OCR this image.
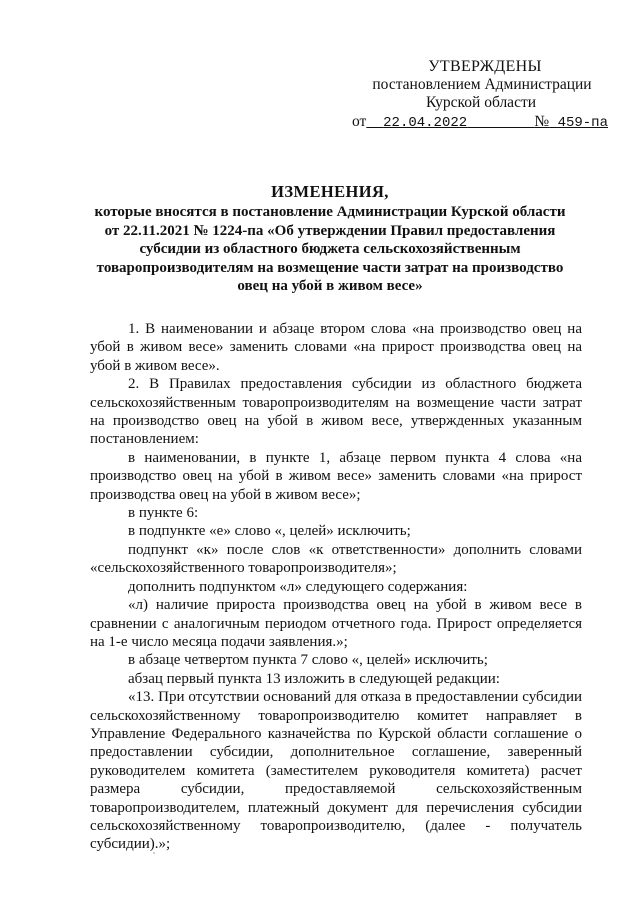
УТВЕРЖДЕНЫ
постановлением Администрации
Курской области
от 22.04.2022	№ 459-па
ИЗМЕНЕНИЯ,
которые вносятся в постановление Администрации Курской области
от 22.11.2021 № 1224-па «Об утверждении Правил предоставления
субсидии из областного бюджета сельскохозяйственным
товаропроизводителям на возмещение части затрат на производство
овец на убой в живом весе»

1. В наименовании и абзаце втором слова «на производство овец на убой в живом весе» заменить словами «на прирост производства овец на убой в живом весе».

2. В Правилах предоставления субсидии из областного бюджета сельскохозяйственным товаропроизводителям на возмещение части затрат на производство овец на убой в живом весе, утвержденных указанным постановлением:

в наименовании, в пункте 1, абзаце первом пункта 4 слова «на производство овец на убой в живом весе» заменить словами «на прирост производства овец на убой в живом весе»;

в пункте 6:

в подпункте «е» слово «, целей» исключить;

подпункт «к» после слов «к ответственности» дополнить словами «сельскохозяйственного товаропроизводителя»;

дополнить подпунктом «л» следующего содержания:

«л) наличие прироста производства овец на убой в живом весе в сравнении с аналогичным периодом отчетного года. Прирост определяется на 1-е число месяца подачи заявления.»;

в абзаце четвертом пункта 7 слово «, целей» исключить;

абзац первый пункта 13 изложить в следующей редакции:

«13. При отсутствии оснований для отказа в предоставлении субсидии сельскохозяйственному товаропроизводителю комитет направляет в Управление Федерального казначейства по Курской области соглашение о предоставлении субсидии, дополнительное соглашение, заверенный руководителем комитета (заместителем руководителя комитета) расчет размера субсидии, предоставляемой сельскохозяйственным товаропроизводителем, платежный документ для перечисления субсидии сельскохозяйственному товаропроизводителю, (далее - получатель субсидии).»;
